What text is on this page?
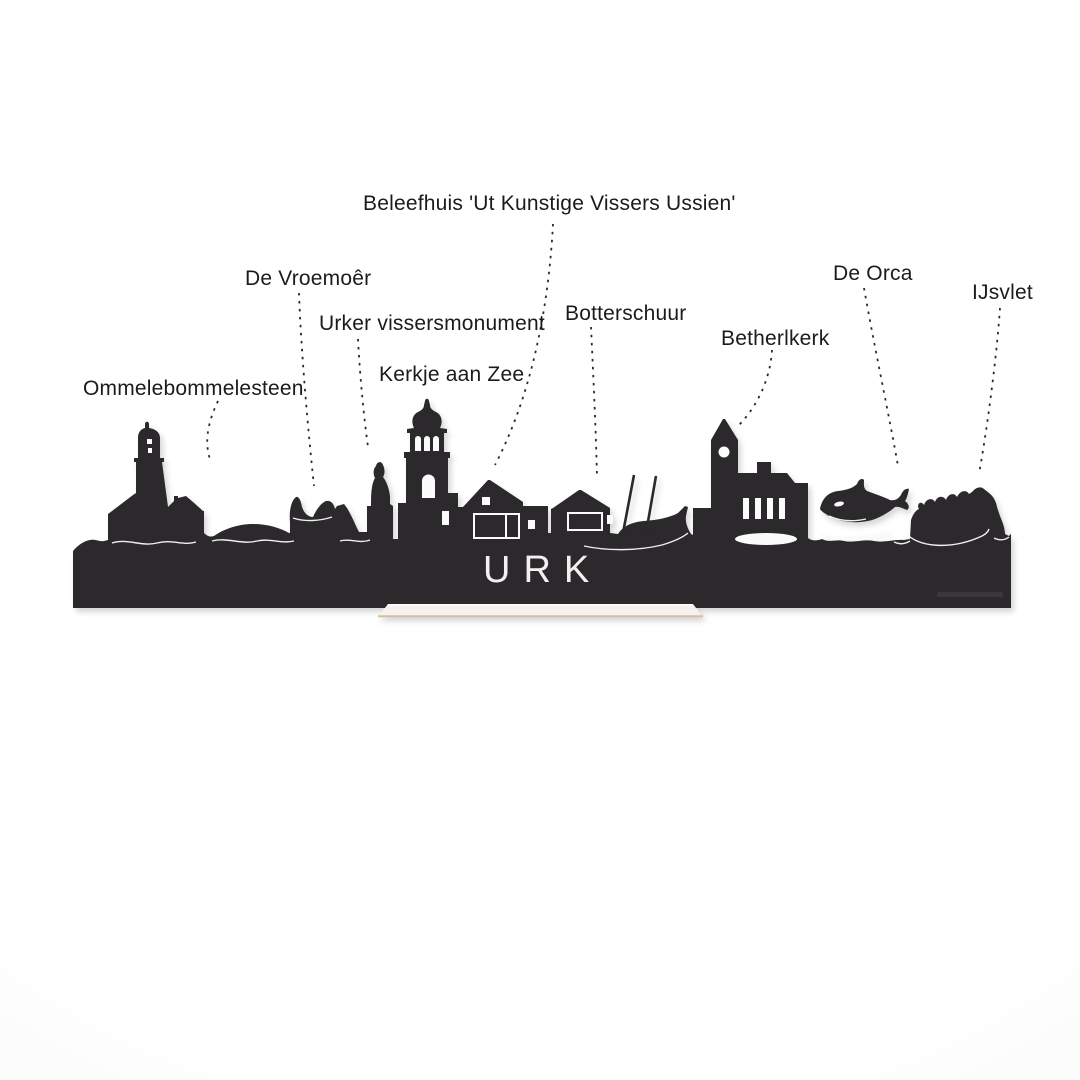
Beleefhuis 'Ut Kunstige Vissers Ussien'
De Vroemoêr
Urker vissersmonument
Kerkje aan Zee
Ommelebommelesteen
Botterschuur
Betherlkerk
De Orca
IJsvlet
URK
